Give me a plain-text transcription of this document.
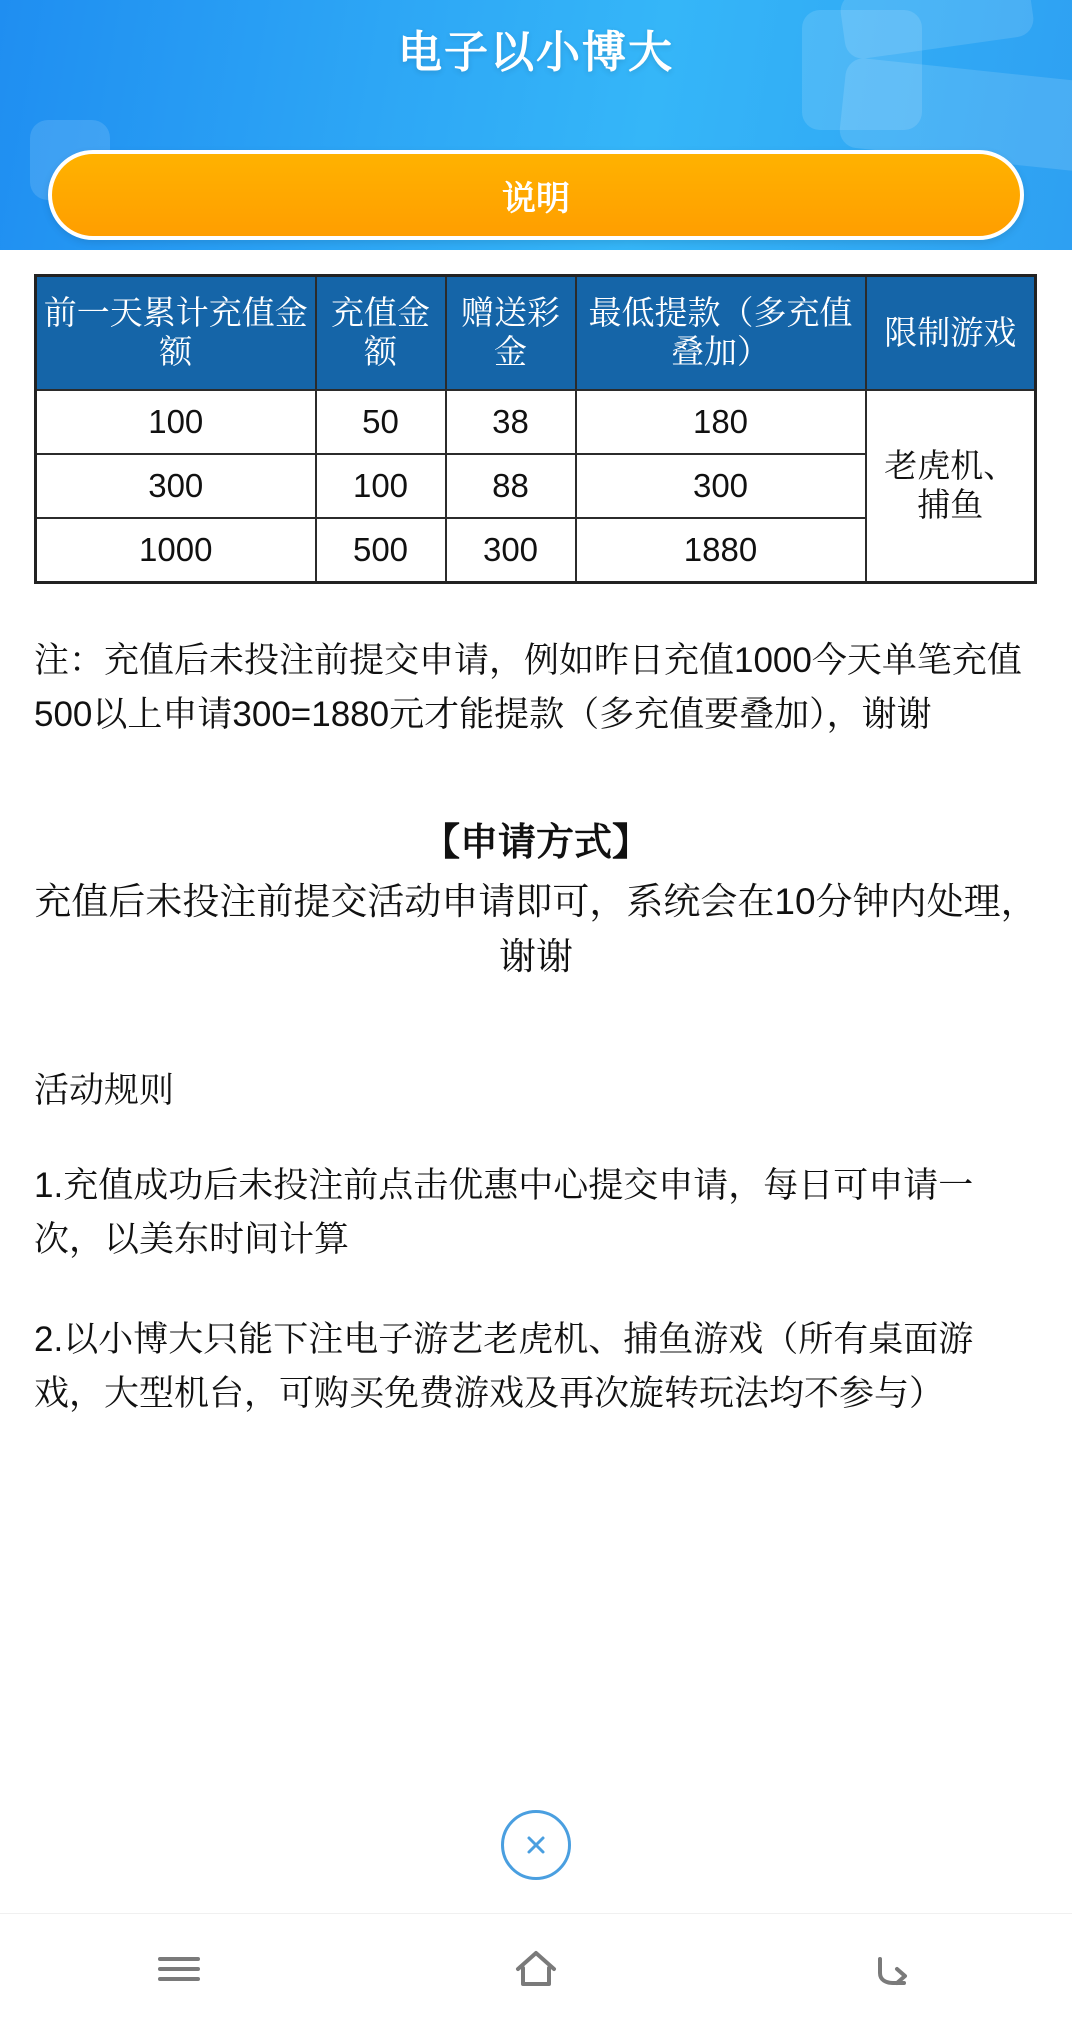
电子以小博大
说明
前一天累计充值金额	充值金额	赠送彩金	最低提款（多充值叠加）	限制游戏
100	50	38	180	老虎机、捕鱼
300	100	88	300	
1000	500	300	1880	

注：充值后未投注前提交申请，例如昨日充值1000今天单笔充值500以上申请300=1880元才能提款（多充值要叠加），谢谢

【申请方式】
充值后未投注前提交活动申请即可，系统会在10分钟内处理，谢谢
活动规则
1.充值成功后未投注前点击优惠中心提交申请，每日可申请一次，以美东时间计算
2.以小博大只能下注电子游艺老虎机、捕鱼游戏（所有桌面游戏，大型机台，可购买免费游戏及再次旋转玩法均不参与）
